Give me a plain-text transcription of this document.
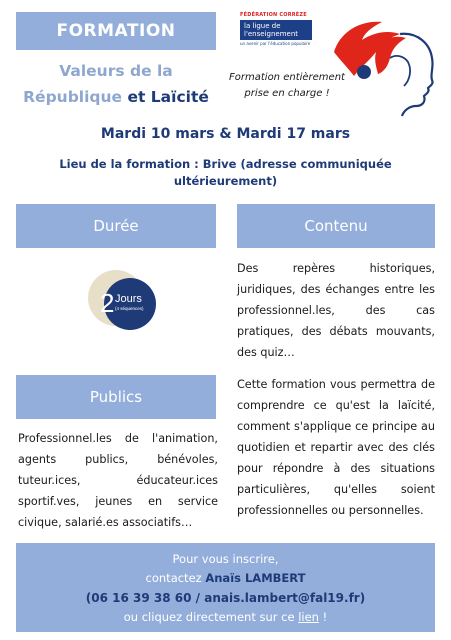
FORMATION
Valeurs de la
République et Laïcité
FÉDÉRATION CORRÈZE
la ligue de
l'enseignement
un avenir par l'éducation populaire
Formation entièrement
prise en charge !
Mardi 10 mars & Mardi 17 mars
Lieu de la formation : Brive (adresse communiquée
ultérieurement)
Durée	Contenu
2 Jours
(4 séquences)
Des repères historiques, juridiques, des échanges entre les professionnel.les, des cas pratiques, des débats mouvants, des quiz…
Publics
Cette formation vous permettra de comprendre ce qu'est la laïcité, comment s'applique ce principe au quotidien et repartir avec des clés pour répondre à des situations particulières, qu'elles soient professionnelles ou personnelles.
Professionnel.les de l'animation, agents publics, bénévoles, tuteur.ices, éducateur.ices sportif.ves, jeunes en service civique, salarié.es associatifs…
Pour vous inscrire,
contactez Anaïs LAMBERT
(06 16 39 38 60 / anais.lambert@fal19.fr)
ou cliquez directement sur ce lien !
